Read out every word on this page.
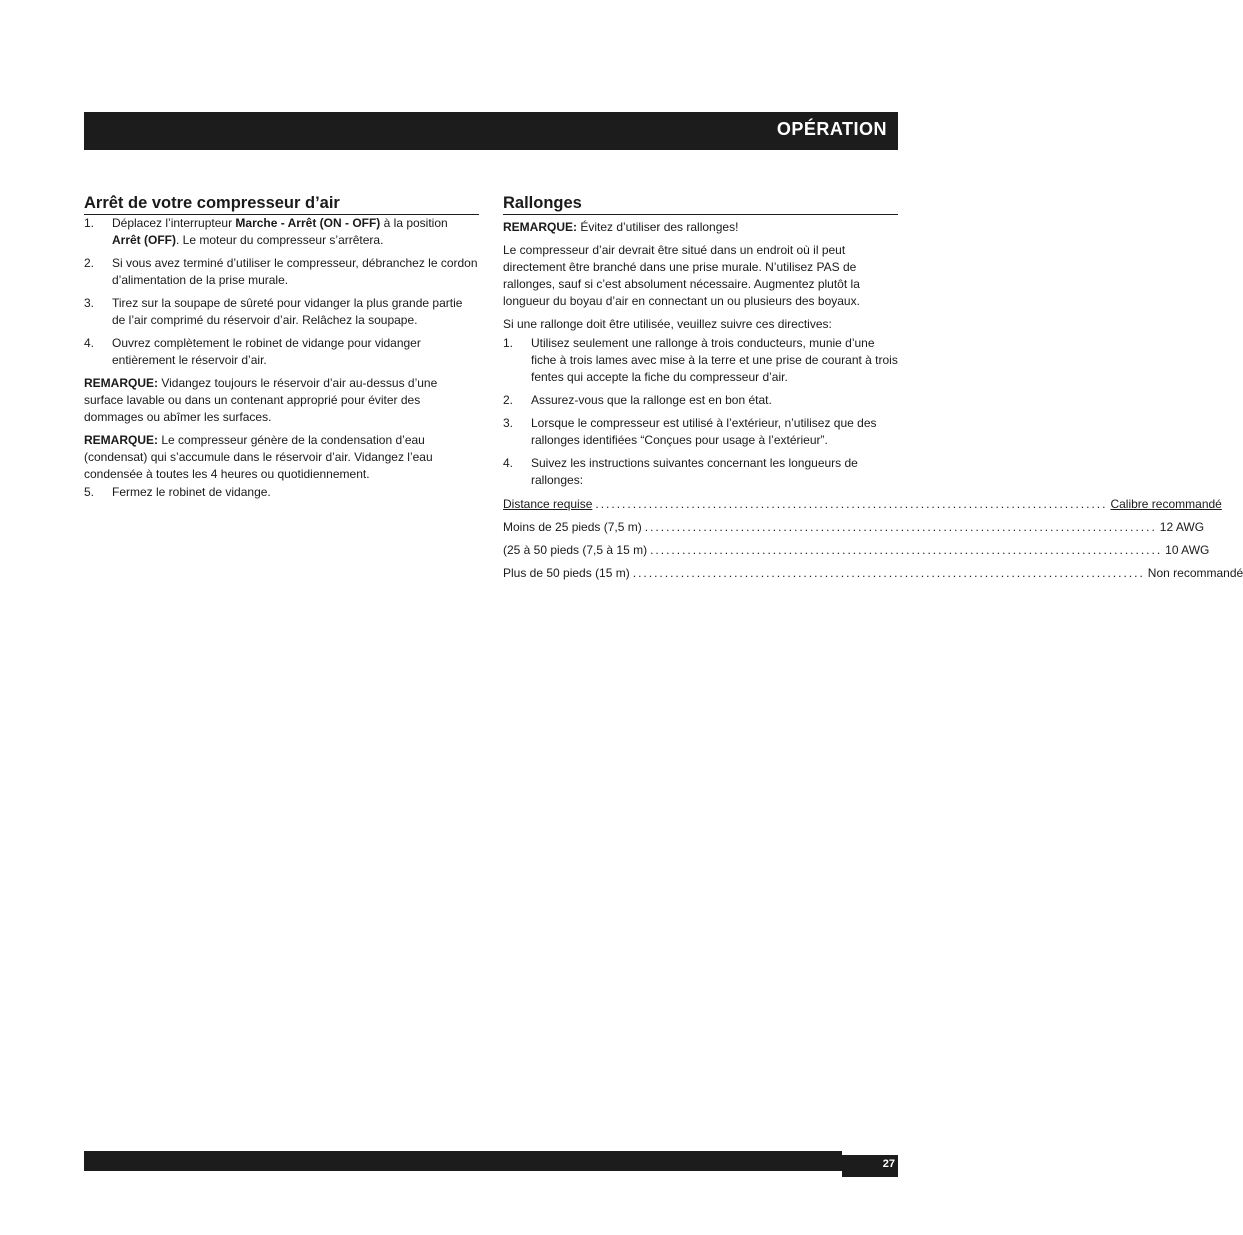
OPÉRATION
Arrêt de votre compresseur d’air
1. Déplacez l’interrupteur Marche - Arrêt (ON - OFF) à la position Arrêt (OFF). Le moteur du compresseur s’arrêtera.
2. Si vous avez terminé d’utiliser le compresseur, débranchez le cordon d’alimentation de la prise murale.
3. Tirez sur la soupape de sûreté pour vidanger la plus grande partie de l’air comprimé du réservoir d’air. Relâchez la soupape.
4. Ouvrez complètement le robinet de vidange pour vidanger entièrement le réservoir d’air.

REMARQUE: Vidangez toujours le réservoir d’air au-dessus d’une surface lavable ou dans un contenant approprié pour éviter des dommages ou abîmer les surfaces.

REMARQUE: Le compresseur génère de la condensation d’eau (condensat) qui s’accumule dans le réservoir d’air. Vidangez l’eau condensée à toutes les 4 heures ou quotidiennement.

5. Fermez le robinet de vidange.
Rallonges

REMARQUE: Évitez d’utiliser des rallonges!

Le compresseur d’air devrait être situé dans un endroit où il peut directement être branché dans une prise murale. N’utilisez PAS de rallonges, sauf si c’est absolument nécessaire. Augmentez plutôt la longueur du boyau d’air en connectant un ou plusieurs des boyaux.

Si une rallonge doit être utilisée, veuillez suivre ces directives:

1. Utilisez seulement une rallonge à trois conducteurs, munie d’une fiche à trois lames avec mise à la terre et une prise de courant à trois fentes qui accepte la fiche du compresseur d’air.
2. Assurez-vous que la rallonge est en bon état.
3. Lorsque le compresseur est utilisé à l’extérieur, n’utilisez que des rallonges identifiées “Conçues pour usage à l’extérieur”.
4. Suivez les instructions suivantes concernant les longueurs de rallonges:
Distance requise ................................................................................................ Calibre recommandé
Moins de 25 pieds (7,5 m) ................................................................................................ 12 AWG
(25 à 50 pieds (7,5 à 15 m) ................................................................................................ 10 AWG
Plus de 50 pieds (15 m) ................................................................................................ Non recommandé
27
